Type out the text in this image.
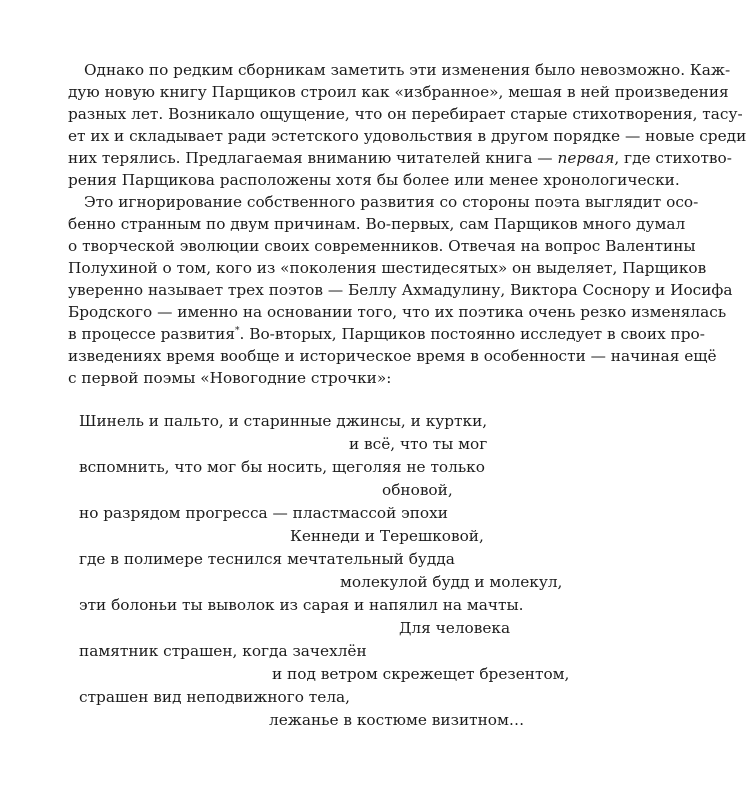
Однако по редким сборникам заметить эти изменения было невозможно. Каж-
дую новую книгу Парщиков строил как «избранное», мешая в ней произведения
разных лет. Возникало ощущение, что он перебирает старые стихотворения, тасу-
ет их и складывает ради эстетского удовольствия в другом порядке — новые среди
них терялись. Предлагаемая вниманию читателей книга — первая, где стихотво-
рения Парщикова расположены хотя бы более или менее хронологически.
Это игнорирование собственного развития со стороны поэта выглядит осо-
бенно странным по двум причинам. Во-первых, сам Парщиков много думал
о творческой эволюции своих современников. Отвечая на вопрос Валентины
Полухиной о том, кого из «поколения шестидесятых» он выделяет, Парщиков
уверенно называет трех поэтов — Беллу Ахмадулину, Виктора Соснору и Иосифа
Бродского — именно на основании того, что их поэтика очень резко изменялась
в процессе развития*. Во-вторых, Парщиков постоянно исследует в своих про-
изведениях время вообще и историческое время в особенности — начиная ещё
с первой поэмы «Новогодние строчки»:
Шинель и пальто, и старинные джинсы, и куртки,
и всё, что ты мог
вспомнить, что мог бы носить, щеголяя не только
обновой,
но разрядом прогресса — пластмассой эпохи
Кеннеди и Терешковой,
где в полимере теснился мечтательный будда
молекулой будд и молекул,
эти болоньи ты выволок из сарая и напялил на мачты.
Для человека
памятник страшен, когда зачехлён
и под ветром скрежещет брезентом,
страшен вид неподвижного тела,
лежанье в костюме визитном…
